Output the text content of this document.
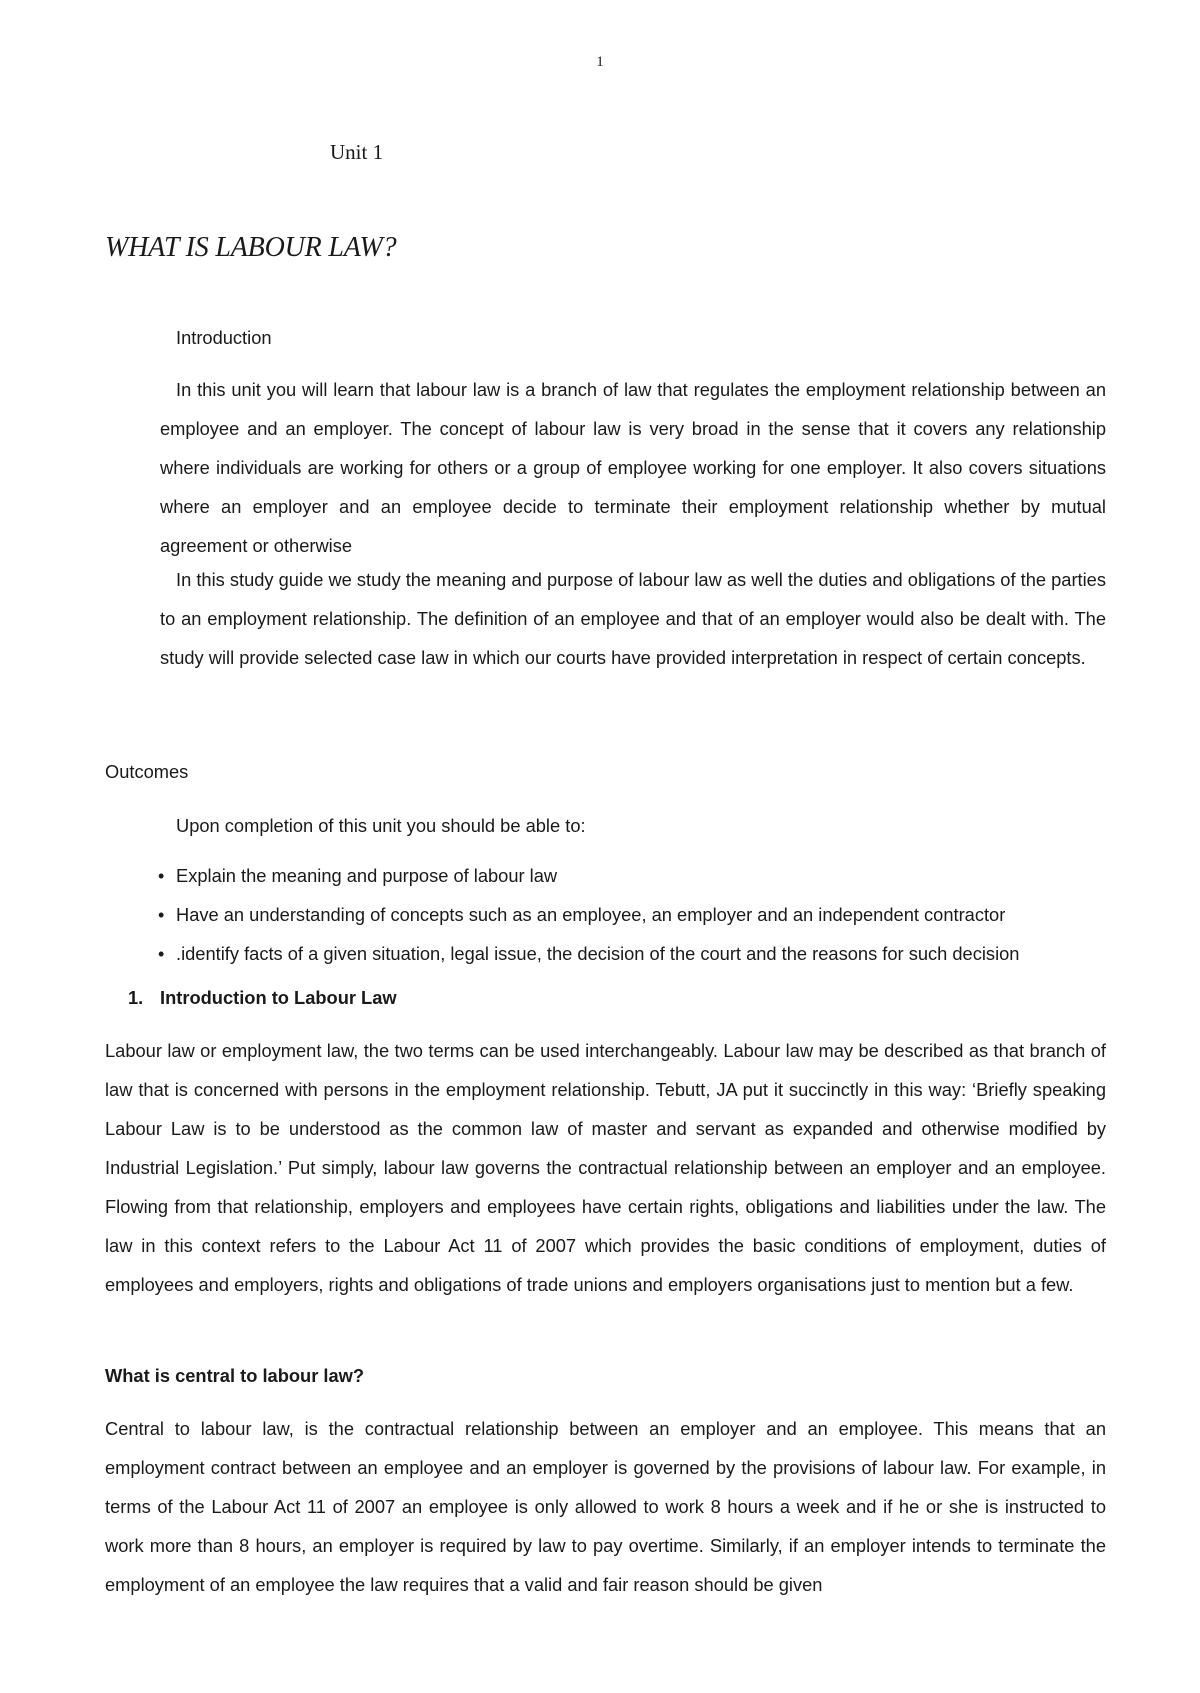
1
Unit 1
WHAT IS LABOUR LAW?
Introduction
In this unit you will learn that labour law is a branch of law that regulates the employment relationship between an employee and an employer. The concept of labour law is very broad in the sense that it covers any relationship where individuals are working for others or a group of employee working for one employer. It also covers situations where an employer and an employee decide to terminate their employment relationship whether by mutual agreement or otherwise
In this study guide we study the meaning and purpose of labour law as well the duties and obligations of the parties to an employment relationship. The definition of an employee and that of an employer would also be dealt with. The study will provide selected case law in which our courts have provided interpretation in respect of certain concepts.
Outcomes
Upon completion of this unit you should be able to:
• Explain the meaning and purpose of labour law
• Have an understanding of concepts such as an employee, an employer and an independent contractor
• .identify facts of a given situation, legal issue, the decision of the court and the reasons for such decision
1. Introduction to Labour Law
Labour law or employment law, the two terms can be used interchangeably. Labour law may be described as that branch of law that is concerned with persons in the employment relationship. Tebutt, JA put it succinctly in this way: ‘Briefly speaking Labour Law is to be understood as the common law of master and servant as expanded and otherwise modified by Industrial Legislation.’ Put simply, labour law governs the contractual relationship between an employer and an employee. Flowing from that relationship, employers and employees have certain rights, obligations and liabilities under the law. The law in this context refers to the Labour Act 11 of 2007 which provides the basic conditions of employment, duties of employees and employers, rights and obligations of trade unions and employers organisations just to mention but a few.
What is central to labour law?
Central to labour law, is the contractual relationship between an employer and an employee. This means that an employment contract between an employee and an employer is governed by the provisions of labour law. For example, in terms of the Labour Act 11 of 2007 an employee is only allowed to work 8 hours a week and if he or she is instructed to work more than 8 hours, an employer is required by law to pay overtime. Similarly, if an employer intends to terminate the employment of an employee the law requires that a valid and fair reason should be given
